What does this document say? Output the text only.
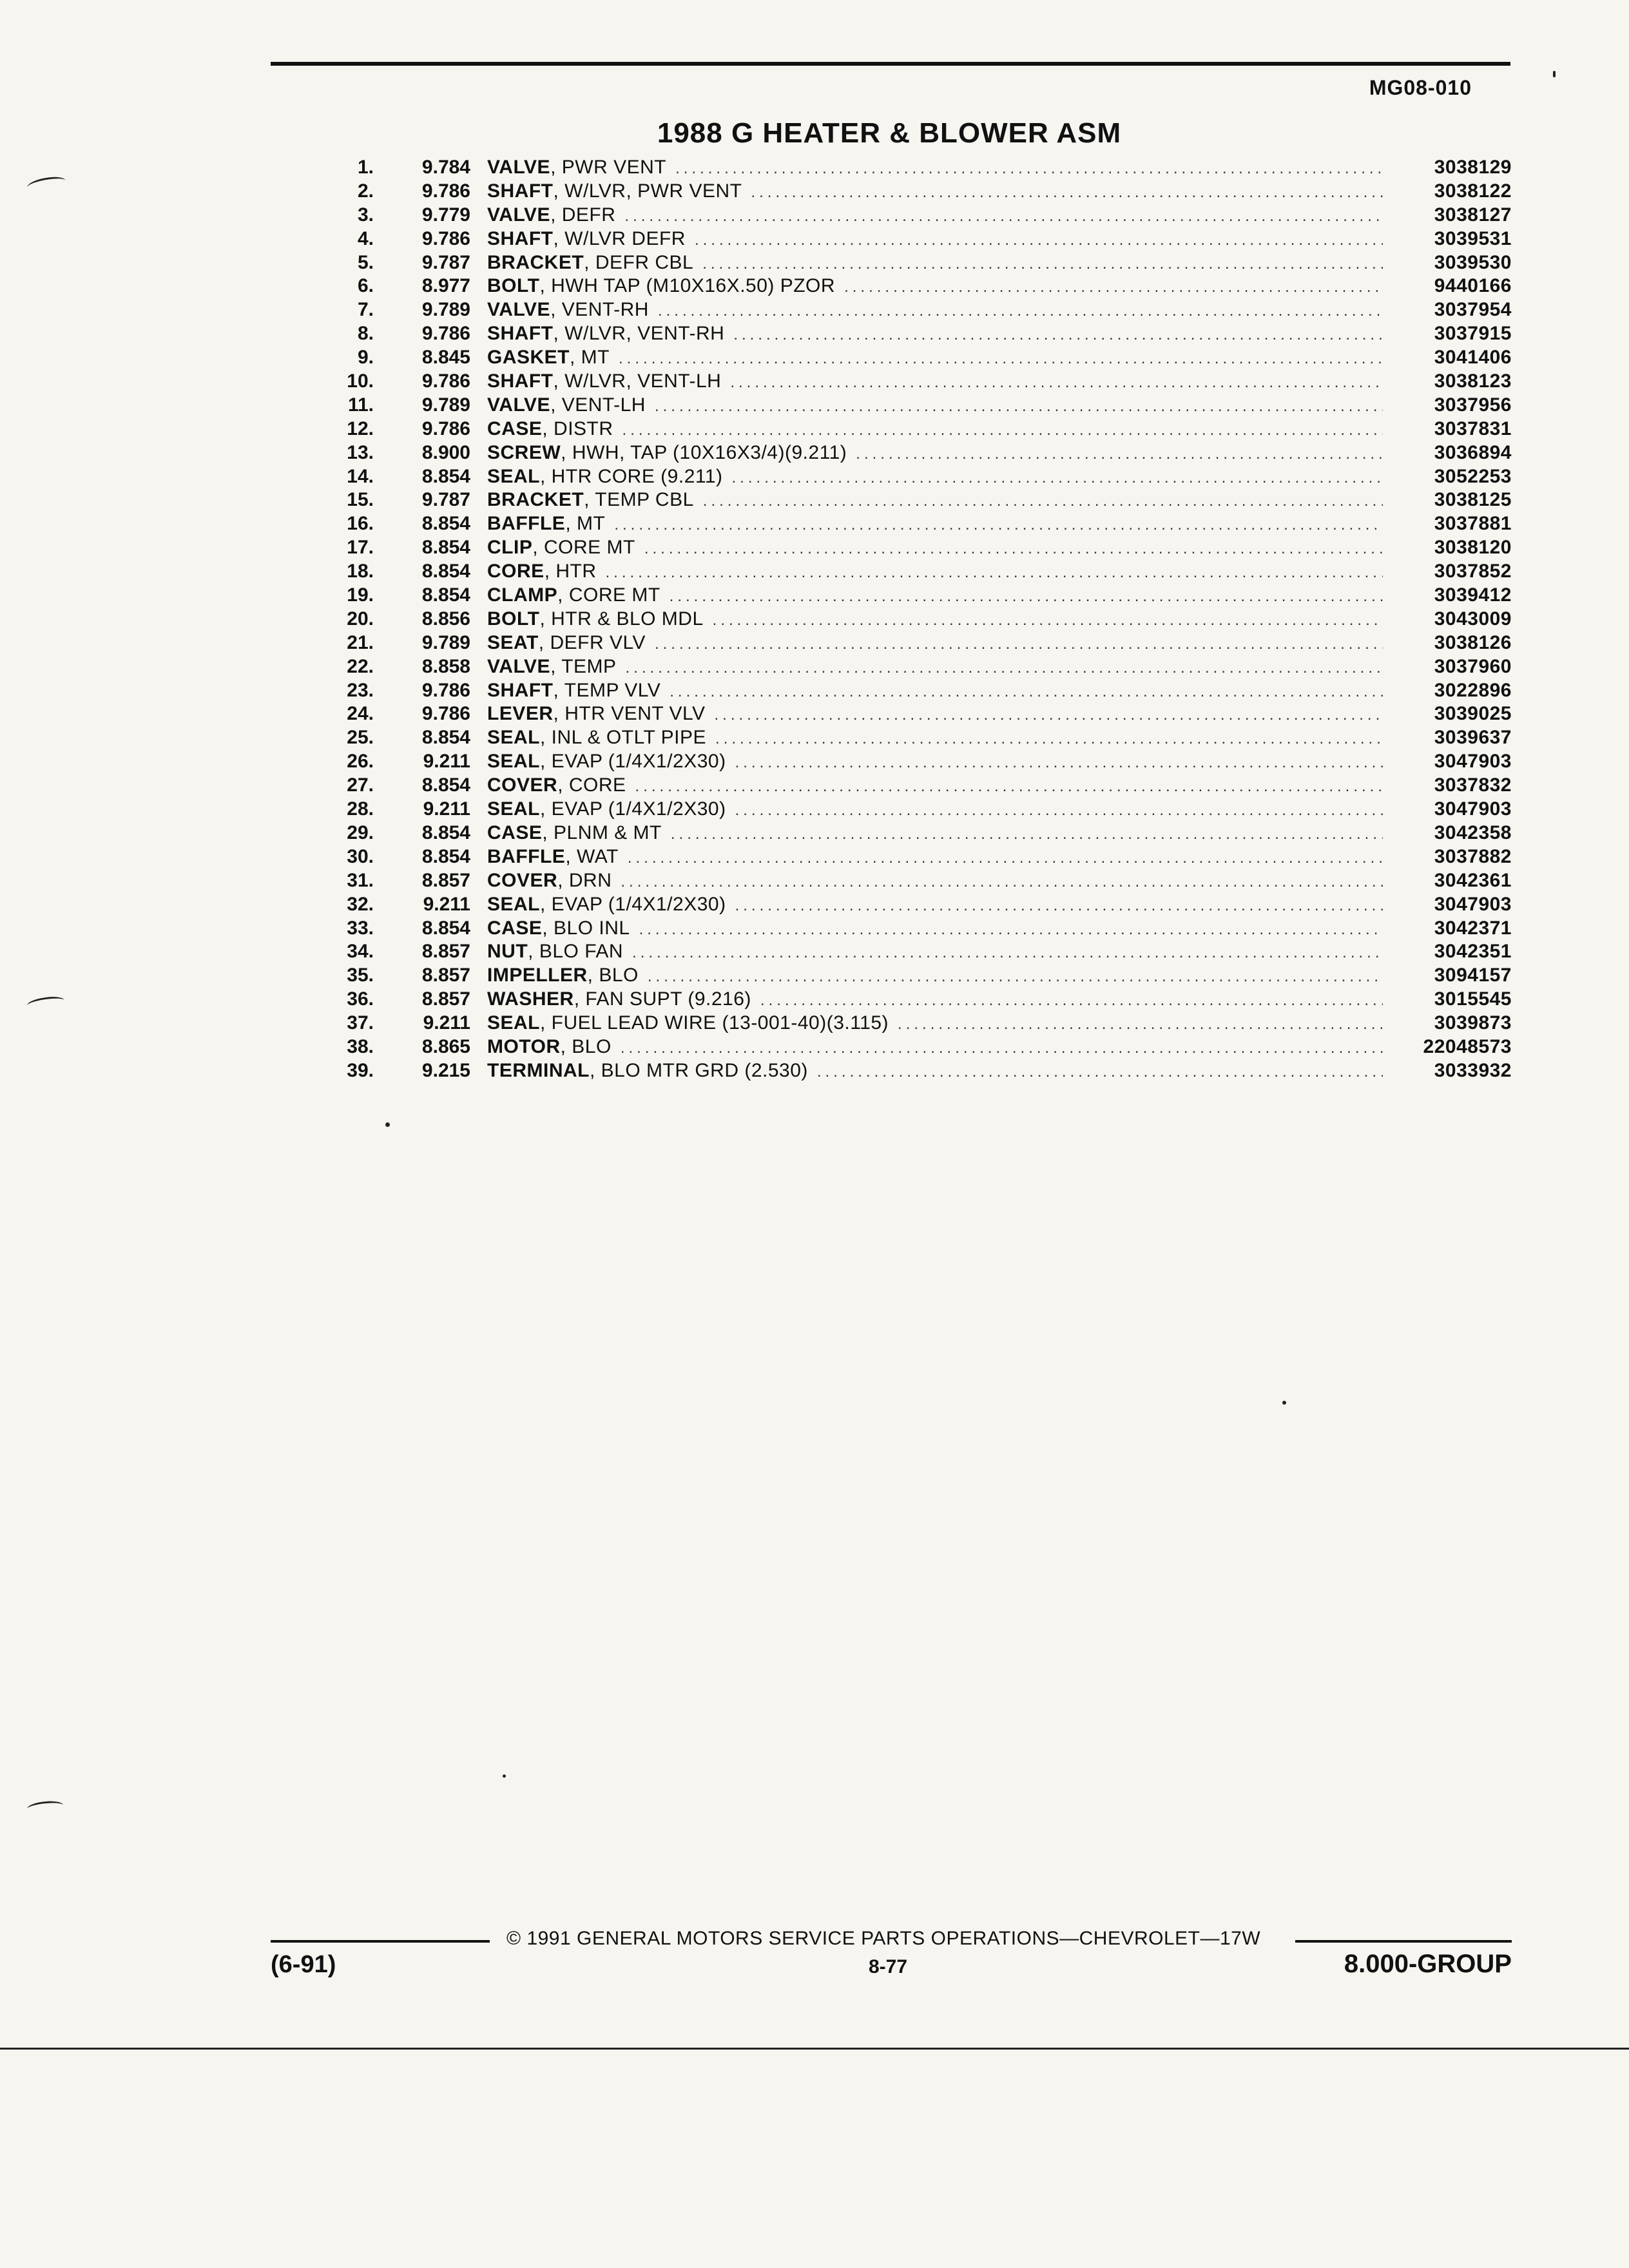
MG08-010
1988 G HEATER & BLOWER ASM
1.	9.784 VALVE , PWR VENT .....	3038129
2.	9.786 SHAFT , W/LVR, PWR VENT .....	3038122
3.	9.779 VALVE , DEFR .....	3038127
4.	9.786 SHAFT , W/LVR DEFR .....	3039531
5.	9.787 BRACKET , DEFR CBL .....	3039530
6.	8.977 BOLT , HWH TAP (M10X16X.50) PZOR .....	9440166
7.	9.789 VALVE , VENT-RH .....	3037954
8.	9.786 SHAFT , W/LVR, VENT-RH .....	3037915
9.	8.845 GASKET , MT .....	3041406
10.	9.786 SHAFT , W/LVR, VENT-LH .....	3038123
11.	9.789 VALVE , VENT-LH .....	3037956
12.	9.786 CASE , DISTR .....	3037831
13.	8.900 SCREW , HWH, TAP (10X16X3/4)(9.211) .....	3036894
14.	8.854 SEAL , HTR CORE (9.211) .....	3052253
15.	9.787 BRACKET , TEMP CBL .....	3038125
16.	8.854 BAFFLE , MT .....	3037881
17.	8.854 CLIP , CORE MT .....	3038120
18.	8.854 CORE , HTR .....	3037852
19.	8.854 CLAMP , CORE MT .....	3039412
20.	8.856 BOLT , HTR & BLO MDL .....	3043009
21.	9.789 SEAT , DEFR VLV .....	3038126
22.	8.858 VALVE , TEMP .....	3037960
23.	9.786 SHAFT , TEMP VLV .....	3022896
24.	9.786 LEVER , HTR VENT VLV .....	3039025
25.	8.854 SEAL , INL & OTLT PIPE .....	3039637
26.	9.211 SEAL , EVAP (1/4X1/2X30) .....	3047903
27.	8.854 COVER , CORE .....	3037832
28.	9.211 SEAL , EVAP (1/4X1/2X30) .....	3047903
29.	8.854 CASE , PLNM & MT .....	3042358
30.	8.854 BAFFLE , WAT .....	3037882
31.	8.857 COVER , DRN .....	3042361
32.	9.211 SEAL , EVAP (1/4X1/2X30) .....	3047903
33.	8.854 CASE , BLO INL .....	3042371
34.	8.857 NUT , BLO FAN .....	3042351
35.	8.857 IMPELLER , BLO .....	3094157
36.	8.857 WASHER , FAN SUPT (9.216) .....	3015545
37.	9.211 SEAL , FUEL LEAD WIRE (13-001-40)(3.115) .....	3039873
38.	8.865 MOTOR , BLO .....	22048573
39.	9.215 TERMINAL , BLO MTR GRD (2.530) .....	3033932
© 1991 GENERAL MOTORS SERVICE PARTS OPERATIONS—CHEVROLET—17W
(6-91)	8-77	8.000-GROUP
